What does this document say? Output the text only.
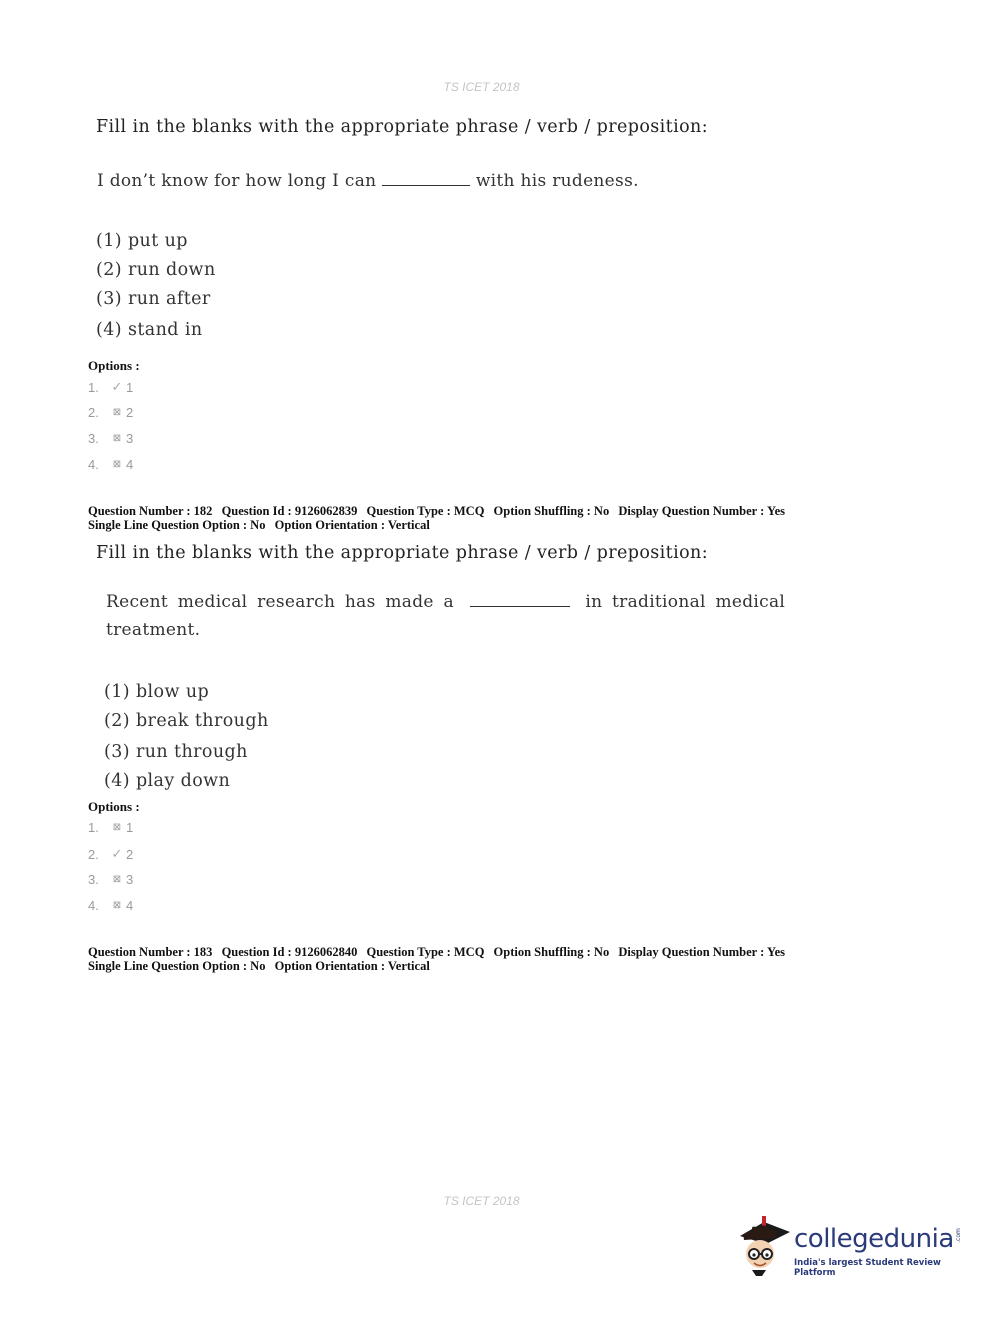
TS ICET 2018
Fill in the blanks with the appropriate phrase / verb / preposition:
I don’t know for how long I can	with his rudeness.
(1) put up
(2) run down
(3) run after
(4) stand in
Options :
1. ✓ 1
2.	⊠ 2
3.	⊠ 3
4.	⊠ 4
Question Number : 182 Question Id : 9126062839 Question Type : MCQ Option Shuffling : No Display Question Number : Yes
Single Line Question Option : No Option Orientation : Vertical
Fill in the blanks with the appropriate phrase / verb / preposition:
Recent medical research has made a	in traditional medical
treatment.
(1) blow up
(2) break through
(3) run through
(4) play down
Options :
1.	⊠ 1
2. ✓ 2
3.	⊠ 3
4.	⊠ 4
Question Number : 183 Question Id : 9126062840 Question Type : MCQ Option Shuffling : No Display Question Number : Yes
Single Line Question Option : No Option Orientation : Vertical
TS ICET 2018
collegedunia .com
India's largest Student Review Platform
